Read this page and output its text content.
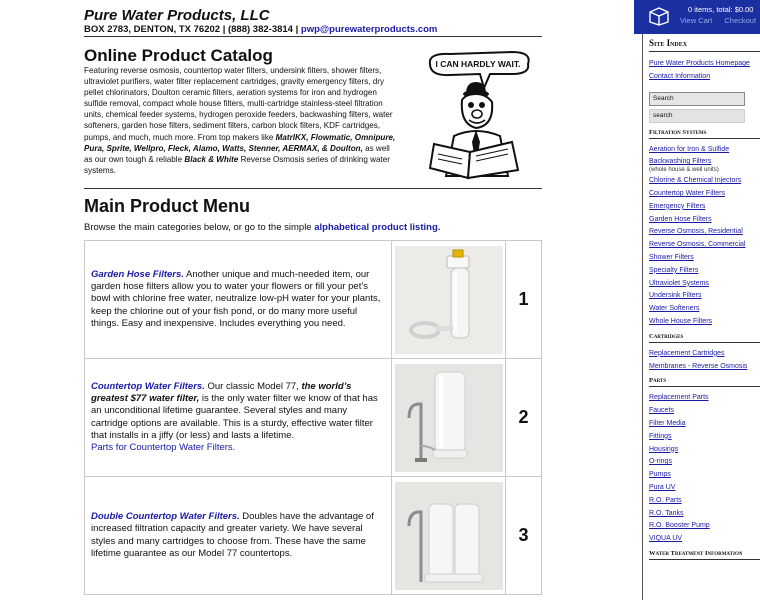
Pure Water Products, LLC
BOX 2783, DENTON, TX 76202 | (888) 382-3814 | pwp@purewaterproducts.com
Online Product Catalog

Featuring reverse osmosis, countertop water filters, undersink filters, shower filters, ultraviolet purifiers, water filter replacement cartridges, gravity emergency filters, dry pellet chlorinators, Doulton ceramic filters, aeration systems for iron and hydrogen sulfide removal, compact whole house filters, multi-cartridge stainless-steel filtration units, chemical feeder systems, hydrogen peroxide feeders, backwashing filters, water softeners, garden hose filters, sediment filters, carbon block filters, KDF cartridges, pumps, and much, much more. From top makers like MatrIKX, Flowmatic, Omnipure, Pura, Sprite, Wellpro, Fleck, Alamo, Watts, Stenner, AERMAX, & Doulton, as well as our own tough & reliable Black & White Reverse Osmosis series of drinking water systems.

I CAN HARDLY WAIT.
Main Product Menu
Browse the main categories below, or go to the simple alphabetical product listing.
Garden Hose Filters. Another unique and much-needed item, our garden hose filters allow you to water your flowers or fill your pet’s bowl with chlorine free water, neutralize low-pH water for your plants, keep the chlorine out of your fish pond, or do many more useful things. Easy and inexpensive. Includes everything you need.		1
Countertop Water Filters. Our classic Model 77, the world’s greatest $77 water filter, is the only water filter we know of that has an unconditional lifetime guarantee. Several styles and many cartridge options are available. This is a sturdy, effective water filter that installs in a jiffy (or less) and lasts a lifetime.
Parts for Countertop Water Filters.		2
Double Countertop Water Filters. Doubles have the advantage of increased filtration capacity and greater variety. We have several styles and many cartridges to choose from. These have the same lifetime guarantee as our Model 77 countertops.		3
0 items, total: $0.00
View Cart Checkout
Site Index
Pure Water Products Homepage
Contact Information
Search
search
Filtration Systems
Aeration for Iron & Sulfide
Backwashing Filters
(whole house & well units)
Chlorine & Chemical Injectors
Countertop Water Filters
Emergency Filters
Garden Hose Filters
Reverse Osmosis, Residential
Reverse Osmosis, Commercial
Shower Filters
Specialty Filters
Ultraviolet Systems
Undersink Filters
Water Softeners
Whole House Filters
Cartridges
Replacement Cartridges
Membranes - Reverse Osmosis
Parts
Replacement Parts
Faucets
Filter Media
Fittings
Housings
O-rings
Pumps
Pura UV
R.O. Parts
R.O. Tanks
R.O. Booster Pump
VIQUA UV
Water Treatment Information
